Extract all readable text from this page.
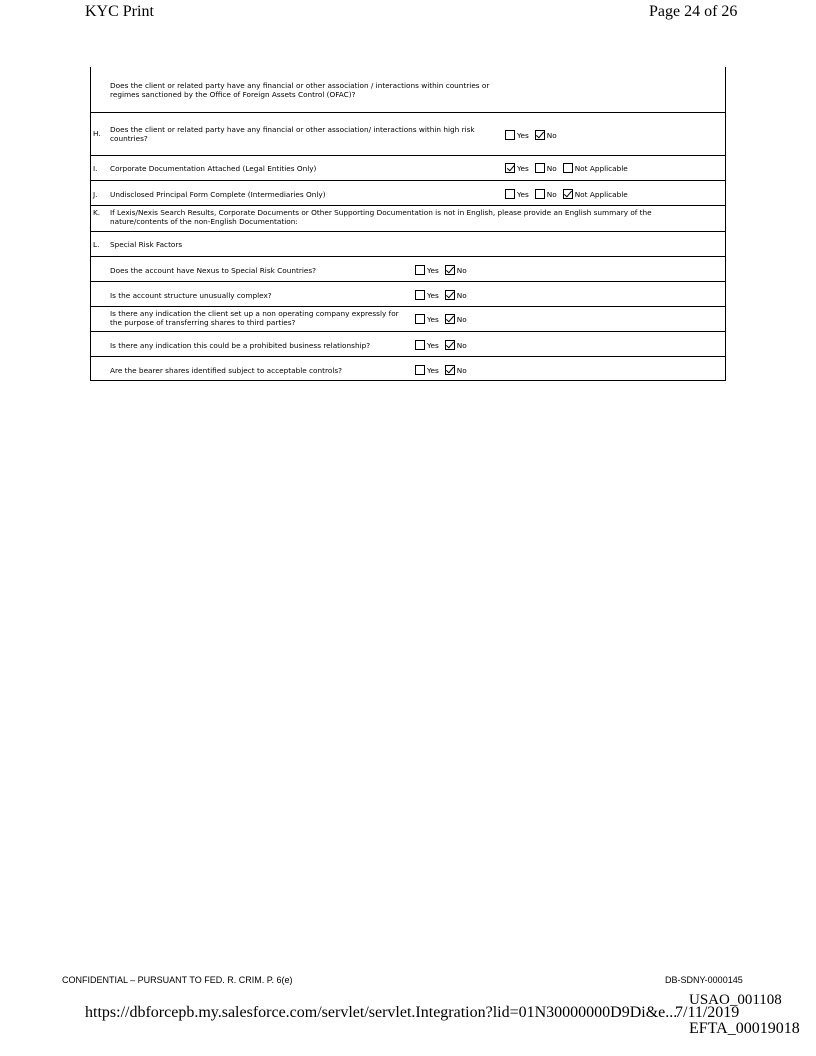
KYC Print	Page 24 of 26
Does the client or related party have any financial or other association / interactions within countries or regimes sanctioned by the Office of Foreign Assets Control (OFAC)?
H. Does the client or related party have any financial or other association/ interactions within high risk countries?	Yes No
I. Corporate Documentation Attached (Legal Entities Only)	Yes No Not Applicable
J. Undisclosed Principal Form Complete (Intermediaries Only)	Yes No Not Applicable
K. If Lexis/Nexis Search Results, Corporate Documents or Other Supporting Documentation is not in English, please provide an English summary of the nature/contents of the non-English Documentation:
L. Special Risk Factors
Does the account have Nexus to Special Risk Countries?	Yes No
Is the account structure unusually complex?	Yes No
Is there any indication the client set up a non operating company expressly for the purpose of transferring shares to third parties?	Yes No
Is there any indication this could be a prohibited business relationship?	Yes No
Are the bearer shares identified subject to acceptable controls?	Yes No
CONFIDENTIAL – PURSUANT TO FED. R. CRIM. P. 6(e)	DB-SDNY-0000145
USAO_001108
https://dbforcepb.my.salesforce.com/servlet/servlet.Integration?lid=01N30000000D9Di&e...
7/11/2019
EFTA_00019018
